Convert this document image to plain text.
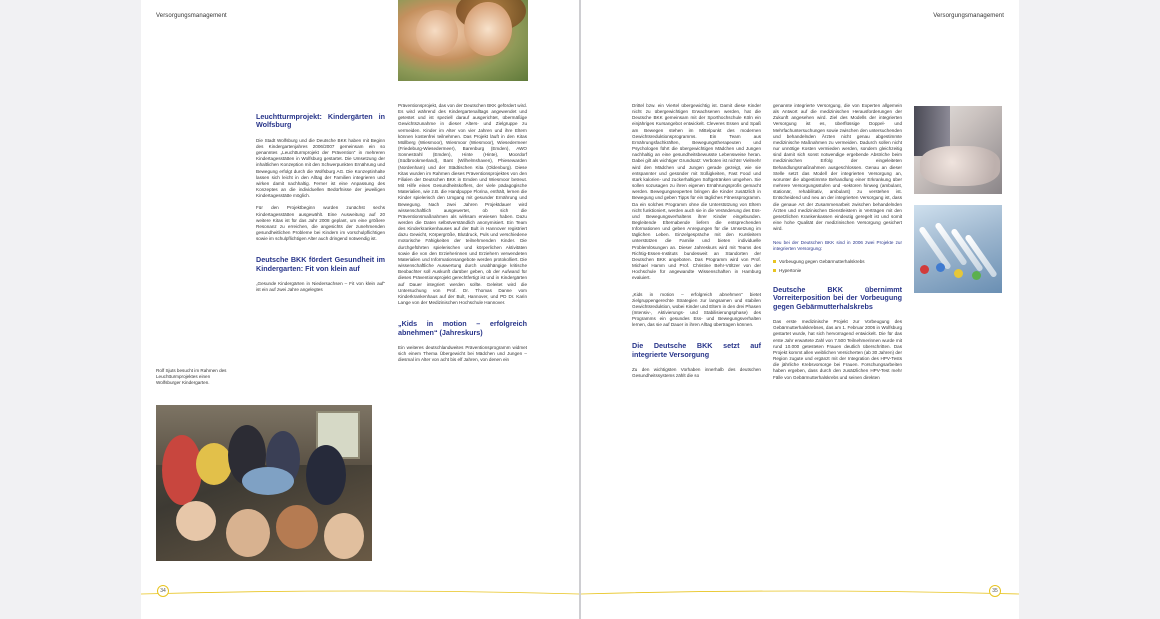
Versorgungsmanagement
Leuchtturmprojekt: Kindergärten in Wolfsburg

Die Stadt Wolfsburg und die Deutsche BKK haben mit Beginn des Kindergartenjahres 2006/2007 gemeinsam ein so genanntes „Leuchtturmprojekt der Prävention“ in mehreren Kindertagesstätten in Wolfsburg gestartet. Die Umsetzung der inhaltlichen Konzeption mit den Schwerpunkten Ernährung und Bewegung erfolgt durch die Wolfsburg AG. Die Konzeptinhalte lassen sich leicht in den Alltag der Familien integrieren und wirken damit nachhaltig. Ferner ist eine Anpassung des Konzeptes an die individuellen Bedürfnisse der jeweiligen Kindertagesstätte möglich.

Für den Projektbeginn wurden zunächst sechs Kindertagesstätten ausgewählt. Eine Ausweitung auf 20 weitere Kitas ist für das Jahr 2008 geplant, um eine größere Resonanz zu erreichen, die angesichts der zunehmenden gesundheitlichen Probleme bei Kindern im vorschulpflichtigen sowie im schulpflichtigen Alter auch dringend notwendig ist.

Deutsche BKK fördert Gesundheit im Kindergarten: Fit von klein auf

„Gesunde Kindergärten in Niedersachsen – Fit von klein auf“ ist ein auf zwei Jahre angelegtes

Rolf Sjuts besucht im Rahmen des Leuchtturmprojektes einen Wolfsburger Kindergarten.

Präventionsprojekt, das von der Deutschen BKK gefördert wird. Es wird während des Kindergartenalltags angewendet und getestet und ist speziell darauf ausgerichtet, übermäßige Gewichtszunahme in dieser Alters- und Zielgruppe zu vermeiden. Kinder im Alter von vier Jahren und ihre Eltern können kostenfrei teilnehmen. Das Projekt läuft in den Kitas Müllberg (Wiesmoor), Wiesmoor (Wiesmoor), Wiesedermeer (Friedeburg-Wiesedermeer), Barenburg (Emden), AWO Sonnestrahl (Emden), Hinte (Hinte), Moordorf (Südbrookmerland), Bant (Wilhelmshaven), Phiesewarden (Nordenham) und der Städtischen Kita (Oldenburg). Diese Kitas wurden im Rahmen dieses Präventionsprojektes von den Filialen der Deutschen BKK in Emden und Wiesmoor betreut. Mit Hilfe eines Gesundheitskoffers, der viele pädagogische Materialien, wie z.B. die Handpuppe Florina, enthält, lernen die Kinder spielerisch den Umgang mit gesunder Ernährung und Bewegung. Nach zwei Jahren Projektdauer wird wissenschaftlich ausgewertet, ob sich die Präventionsmaßnahmen als wirksam erwiesen haben. Dazu werden die Daten selbstverständlich anonymisiert. Ein Team des Kinderkrankenhauses auf der Bult in Hannover registriert dazu Gewicht, Körpergröße, Blutdruck, Puls und verschiedene motorische Fähigkeiten der teilnehmenden Kinder. Die durchgeführten spielerischen und körperlichen Aktivitäten sowie die von den Erzieherinnen und Erziehern verwendeten Materialien und Informationsangebote werden protokolliert. Die wissenschaftliche Auswertung durch unabhängige kritische Beobachter soll Auskunft darüber geben, ob der Aufwand für dieses Präventionsprojekt gerechtfertigt ist und in Kindergärten auf Dauer integriert werden sollte. Geleitet wird die Untersuchung von Prof. Dr. Thomas Danne vom Kinderkrankenhaus auf der Bult, Hannover, und PD Dr. Karin Lange von der Medizinischen Hochschule Hannover.

„Kids in motion – erfolgreich abnehmen“ (Jahreskurs)

Ein weiteres deutschlandweites Präventionsprogramm widmet sich einem Thema Übergewicht bei Mädchen und Jungen – diesmal im Alter von acht bis elf Jahren, von denen ein

34
Versorgungsmanagement

Drittel bzw. ein Viertel übergewichtig ist. Damit diese Kinder nicht zu übergewichtigen Erwachsenen werden, hat die Deutsche BKK gemeinsam mit der Sporthochschule Köln ein einjähriges Kursangebot entwickelt. Cleveres Essen und Spaß am Bewegen stehen im Mittelpunkt des modernen Gewichtsreduktionsprogramms. Ein Team aus Ernährungsfachkräften, Bewegungstherapeuten und Psychologen führt die übergewichtigen Mädchen und Jungen nachhaltig an eine gesundheitsbewusste Lebensweise heran. Dabei gilt als wichtiger Grundsatz: Verboten ist nichts! Vielmehr wird den Mädchen und Jungen gerade gezeigt, wie sie entspannter und gesünder mit Süßigkeiten, Fast Food und stark kalorien- und zuckerhaltigen Softgetränken umgehen. Sie sollen sozusagen zu ihren eigenen Ernährungsprofis gemacht werden. Bewegungsexperten bringen die Kinder zusätzlich in Bewegung und geben Tipps für ein tägliches Fitnessprogramm. Da ein solches Programm ohne die Unterstützung von Eltern nicht funktioniert, werden auch sie in die Veränderung des Ess- und Bewegungsverhaltens ihrer Kinder eingebunden. Begleitende Elternabende liefern die entsprechenden Informationen und geben Anregungen für die Umsetzung im täglichen Leben. Einzelgespräche mit den Kursleitern unterstützen die Familie und bieten individuelle Problemlösungen an. Dieser Jahreskurs wird mit Teams des Richtig-Essen-Instituts bundesweit an Standorten der Deutschen BKK angeboten. Das Programm wird von Prof. Michael Hamm und Prof. Christine Behr-Völtzer von der Hochschule für angewandte Wissenschaften in Hamburg evaluiert.

„Kids in motion – erfolgreich abnehmen“ bietet zielgruppengerechte Strategien zur langsamen und stabilen Gewichtsreduktion, wobei Kinder und Eltern in den drei Phasen (Intensiv-, Aktivierungs- und Stabilisierungsphase) des Programms ein gesundes Ess- und Bewegungsverhalten lernen, das sie auf Dauer in ihren Alltag übertragen können.

Die Deutsche BKK setzt auf integrierte Versorgung

Zu den wichtigsten Vorhaben innerhalb des deutschen Gesundheitssystems zählt die so

genannte integrierte Versorgung, die von Experten allgemein als Antwort auf die medizinischen Herausforderungen der Zukunft angesehen wird. Ziel des Modells der integrierten Versorgung ist es, überflüssige Doppel- und Mehrfachuntersuchungen sowie zwischen den untersuchenden und behandelnden Ärzten nicht genau abgestimmte medizinische Maßnahmen zu vermeiden. Dadurch sollen nicht nur unnötige Kosten vermieden werden, sondern gleichzeitig sind damit sich sonst notwendige ergebende Abstriche beim medizinischen Erfolg der eingeleiteten Behandlungsmaßnahmen ausgeschlossen. Genau an dieser Stelle setzt das Modell der integrierten Versorgung an, worunter die abgestimmte Behandlung einer Erkrankung über mehrere Versorgungsstufen und -sektoren hinweg (ambulant, stationär, rehabilitativ, ambulant) zu verstehen ist. Entscheidend und neu an der integrierten Versorgung ist, dass die genaue Art der Zusammenarbeit zwischen behandelnden Ärzten und medizinischen Dienstleistern in Verträgen mit den gesetzlichen Krankenkassen eindeutig geregelt ist und somit eine hohe Qualität der medizinischen Versorgung gesichert wird.

Neu bei der Deutschen BKK sind in 2006 zwei Projekte zur integrierten Versorgung:

Vorbeugung gegen Gebärmutterhalskrebs
Hypertonie
Deutsche BKK übernimmt Vorreiterposition bei der Vorbeugung gegen Gebärmutterhalskrebs

Das erste medizinische Projekt zur Vorbeugung des Gebärmutterhalskrebses, das am 1. Februar 2006 in Wolfsburg gestartet wurde, hat sich hervorragend entwickelt. Die für das erste Jahr erwartete Zahl von 7.500 Teilnehmerinnen wurde mit rund 10.000 getesteten Frauen deutlich überschritten. Das Projekt kommt allen weiblichen Versicherten (ab 30 Jahren) der Region zugute und ergänzt mit der Integration des HPV-Tests die jährliche Krebsvorsorge bei Frauen. Forschungsarbeiten haben ergeben, dass durch den zusätzlichen HPV-Test mehr Fälle von Gebärmutterhalskrebs und seinen direkten

35
